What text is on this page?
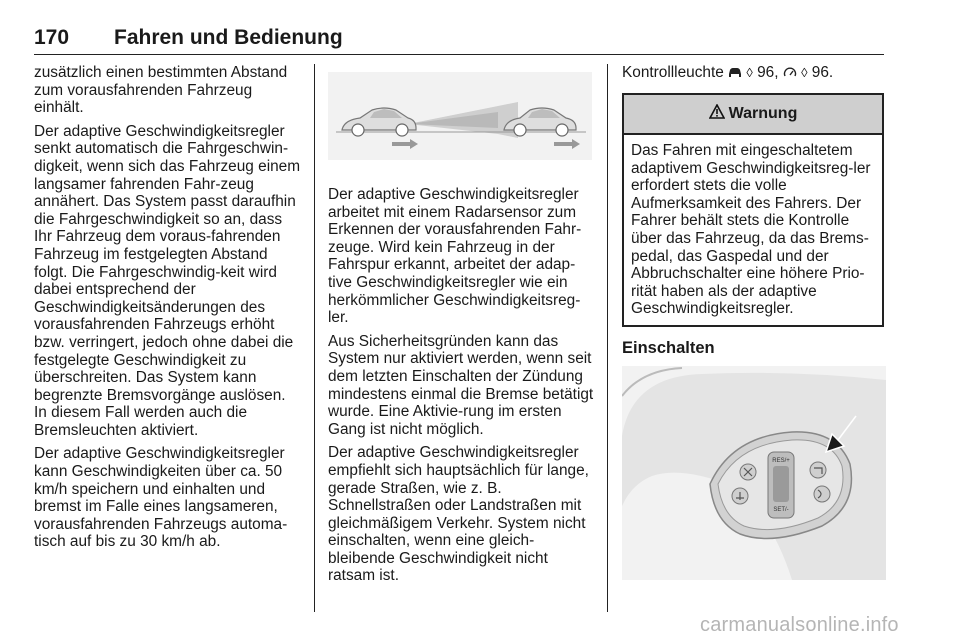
170 Fahren und Bedienung

zusätzlich einen bestimmten Abstand zum vorausfahrenden Fahrzeug einhält.

Der adaptive Geschwindigkeitsregler senkt automatisch die Fahrgeschwin-digkeit, wenn sich das Fahrzeug einem langsamer fahrenden Fahr-zeug annähert. Das System passt daraufhin die Fahrgeschwindigkeit so an, dass Ihr Fahrzeug dem voraus-fahrenden Fahrzeug im festgelegten Abstand folgt. Die Fahrgeschwindig-keit wird dabei entsprechend der Geschwindigkeitsänderungen des vorausfahrenden Fahrzeugs erhöht bzw. verringert, jedoch ohne dabei die festgelegte Geschwindigkeit zu überschreiten. Das System kann begrenzte Bremsvorgänge auslösen. In diesem Fall werden auch die Bremsleuchten aktiviert.

Der adaptive Geschwindigkeitsregler kann Geschwindigkeiten über ca. 50 km/h speichern und einhalten und bremst im Falle eines langsameren, vorausfahrenden Fahrzeugs automa-tisch auf bis zu 30 km/h ab.

Der adaptive Geschwindigkeitsregler arbeitet mit einem Radarsensor zum Erkennen der vorausfahrenden Fahr-zeuge. Wird kein Fahrzeug in der Fahrspur erkannt, arbeitet der adap-tive Geschwindigkeitsregler wie ein herkömmlicher Geschwindigkeitsreg-ler.

Aus Sicherheitsgründen kann das System nur aktiviert werden, wenn seit dem letzten Einschalten der Zündung mindestens einmal die Bremse betätigt wurde. Eine Aktivie-rung im ersten Gang ist nicht möglich.

Der adaptive Geschwindigkeitsregler empfiehlt sich hauptsächlich für lange, gerade Straßen, wie z. B. Schnellstraßen oder Landstraßen mit gleichmäßigem Verkehr. System nicht einschalten, wenn eine gleich-bleibende Geschwindigkeit nicht ratsam ist.

Kontrollleuchte ◊ 96, ◊ 96.
Warnung
Das Fahren mit eingeschaltetem adaptivem Geschwindigkeitsreg-ler erfordert stets die volle Aufmerksamkeit des Fahrers. Der Fahrer behält stets die Kontrolle über das Fahrzeug, da das Brems-pedal, das Gaspedal und der Abbruchschalter eine höhere Prio-rität haben als der adaptive Geschwindigkeitsregler.
Einschalten
RES/+
SET/-
carmanualsonline.info
